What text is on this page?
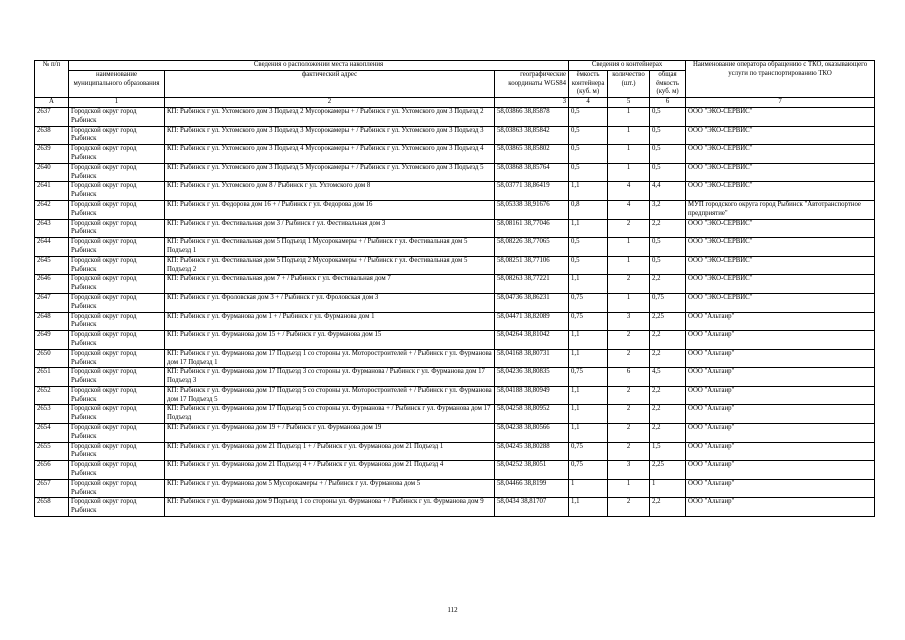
№ п/п	Сведения о расположении места накопления			Сведения о контейнерах			Наименование оператора обращению с ТКО, оказывающего услуги по транспортированию ТКО
	наименование муниципального образования	фактический адрес	географические координаты WGS84	ёмкость контейнера (куб. м)	количество (шт.)	общая ёмкость (куб. м)	
А	1	2	3	4	5	6	7
2637	Городской округ город Рыбинск	КП: Рыбинск г ул. Ухтомского дом 3 Подъезд 2 Мусорокамеры + / Рыбинск г ул. Ухтомского дом 3 Подъезд 2	58,03866 38,85878	0,5	1	0,5	ООО "ЭКО-СЕРВИС"
2638	Городской округ город Рыбинск	КП: Рыбинск г ул. Ухтомского дом 3 Подъезд 3 Мусорокамеры + / Рыбинск г ул. Ухтомского дом 3 Подъезд 3	58,03863 38,85842	0,5	1	0,5	ООО "ЭКО-СЕРВИС"
2639	Городской округ город Рыбинск	КП: Рыбинск г ул. Ухтомского дом 3 Подъезд 4 Мусорокамеры + / Рыбинск г ул. Ухтомского дом 3 Подъезд 4	58,03865 38,85802	0,5	1	0,5	ООО "ЭКО-СЕРВИС"
2640	Городской округ город Рыбинск	КП: Рыбинск г ул. Ухтомского дом 3 Подъезд 5 Мусорокамеры + / Рыбинск г ул. Ухтомского дом 3 Подъезд 5	58,03868 38,85764	0,5	1	0,5	ООО "ЭКО-СЕРВИС"
2641	Городской округ город Рыбинск	КП: Рыбинск г ул. Ухтомского дом 8 / Рыбинск г ул. Ухтомского дом 8	58,03771 38,86419	1,1	4	4,4	ООО "ЭКО-СЕРВИС"
2642	Городской округ город Рыбинск	КП: Рыбинск г ул. Федорова дом 16 + / Рыбинск г ул. Федорова дом 16	58,05338 38,91676	0,8	4	3,2	МУП городского округа город Рыбинск "Автотранспортное предприятие"
2643	Городской округ город Рыбинск	КП: Рыбинск г ул. Фестивальная дом 3 / Рыбинск г ул. Фестивальная дом 3	58,08161 38,77046	1,1	2	2,2	ООО "ЭКО-СЕРВИС"
2644	Городской округ город Рыбинск	КП: Рыбинск г ул. Фестивальная дом 5 Подъезд 1 Мусорокамеры + / Рыбинск г ул. Фестивальная дом 5 Подъезд 1	58,08226 38,77065	0,5	1	0,5	ООО "ЭКО-СЕРВИС"
2645	Городской округ город Рыбинск	КП: Рыбинск г ул. Фестивальная дом 5 Подъезд 2 Мусорокамеры + / Рыбинск г ул. Фестивальная дом 5 Подъезд 2	58,08251 38,77106	0,5	1	0,5	ООО "ЭКО-СЕРВИС"
2646	Городской округ город Рыбинск	КП: Рыбинск г ул. Фестивальная дом 7 + / Рыбинск г ул. Фестивальная дом 7	58,08263 38,77221	1,1	2	2,2	ООО "ЭКО-СЕРВИС"
2647	Городской округ город Рыбинск	КП: Рыбинск г ул. Фроловская дом 3 + / Рыбинск г ул. Фроловская дом 3	58,04736 38,86231	0,75	1	0,75	ООО "ЭКО-СЕРВИС"
2648	Городской округ город Рыбинск	КП: Рыбинск г ул. Фурманова дом 1 + / Рыбинск г ул. Фурманова дом 1	58,04471 38,82089	0,75	3	2,25	ООО "Альтаир"
2649	Городской округ город Рыбинск	КП: Рыбинск г ул. Фурманова дом 15 + / Рыбинск г ул. Фурманова дом 15	58,04264 38,81042	1,1	2	2,2	ООО "Альтаир"
2650	Городской округ город Рыбинск	КП: Рыбинск г ул. Фурманова дом 17 Подъезд 1 со стороны ул. Моторостроителей + / Рыбинск г ул. Фурманова дом 17 Подъезд 1	58,04168 38,80731	1,1	2	2,2	ООО "Альтаир"
2651	Городской округ город Рыбинск	КП: Рыбинск г ул. Фурманова дом 17 Подъезд 3 со стороны ул. Фурманова / Рыбинск г ул. Фурманова дом 17 Подъезд 3	58,04236 38,80835	0,75	6	4,5	ООО "Альтаир"
2652	Городской округ город Рыбинск	КП: Рыбинск г ул. Фурманова дом 17 Подъезд 5 со стороны ул. Моторостроителей + / Рыбинск г ул. Фурманова дом 17 Подъезд 5	58,04188 38,80949	1,1	2	2,2	ООО "Альтаир"
2653	Городской округ город Рыбинск	КП: Рыбинск г ул. Фурманова дом 17 Подъезд 5 со стороны ул. Фурманова + / Рыбинск г ул. Фурманова дом 17 Подъезд	58,04258 38,80952	1,1	2	2,2	ООО "Альтаир"
2654	Городской округ город Рыбинск	КП: Рыбинск г ул. Фурманова дом 19 + / Рыбинск г ул. Фурманова дом 19	58,04238 38,80566	1,1	2	2,2	ООО "Альтаир"
2655	Городской округ город Рыбинск	КП: Рыбинск г ул. Фурманова дом 21 Подъезд 1 + / Рыбинск г ул. Фурманова дом 21 Подъезд 1	58,04245 38,80288	0,75	2	1,5	ООО "Альтаир"
2656	Городской округ город Рыбинск	КП: Рыбинск г ул. Фурманова дом 21 Подъезд 4 + / Рыбинск г ул. Фурманова дом 21 Подъезд 4	58,04252 38,8051	0,75	3	2,25	ООО "Альтаир"
2657	Городской округ город Рыбинск	КП: Рыбинск г ул. Фурманова дом 5 Мусорокамеры + / Рыбинск г ул. Фурманова дом 5	58,04466 38,8199	1	1	1	ООО "Альтаир"
2658	Городской округ город Рыбинск	КП: Рыбинск г ул. Фурманова дом 9 Подъезд 1 со стороны ул. Фурманова + / Рыбинск г ул. Фурманова дом 9	58,0434 38,81707	1,1	2	2,2	ООО "Альтаир"
112
